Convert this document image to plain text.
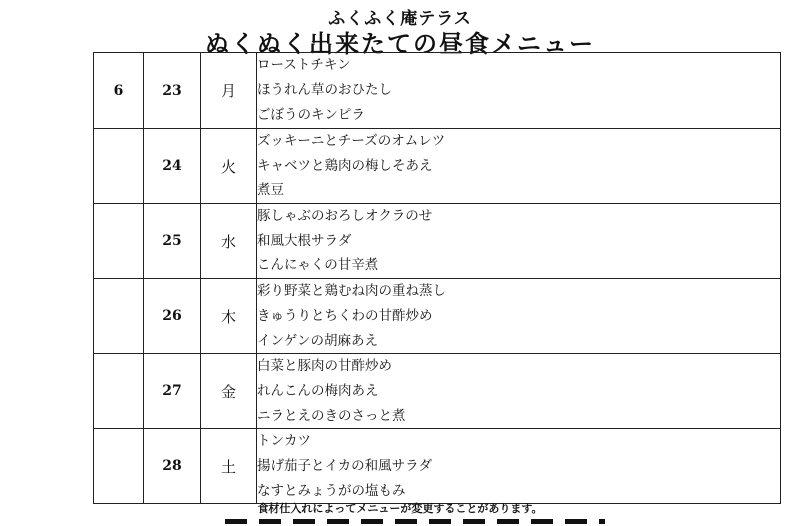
ふくふく庵テラス
ぬくぬく出来たての昼食メニュー
6	23	月	ローストチキン
ほうれん草のおひたし
ごぼうのキンピラ

	24	火	ズッキーニとチーズのオムレツ
キャベツと鶏肉の梅しそあえ
煮豆

	25	水	豚しゃぶのおろしオクラのせ
和風大根サラダ
こんにゃくの甘辛煮

	26	木	彩り野菜と鶏むね肉の重ね蒸し
きゅうりとちくわの甘酢炒め
インゲンの胡麻あえ

	27	金	白菜と豚肉の甘酢炒め
れんこんの梅肉あえ
ニラとえのきのさっと煮

	28	土	トンカツ
揚げ茄子とイカの和風サラダ
なすとみょうがの塩もみ
食材仕入れによってメニューが変更することがあります。
